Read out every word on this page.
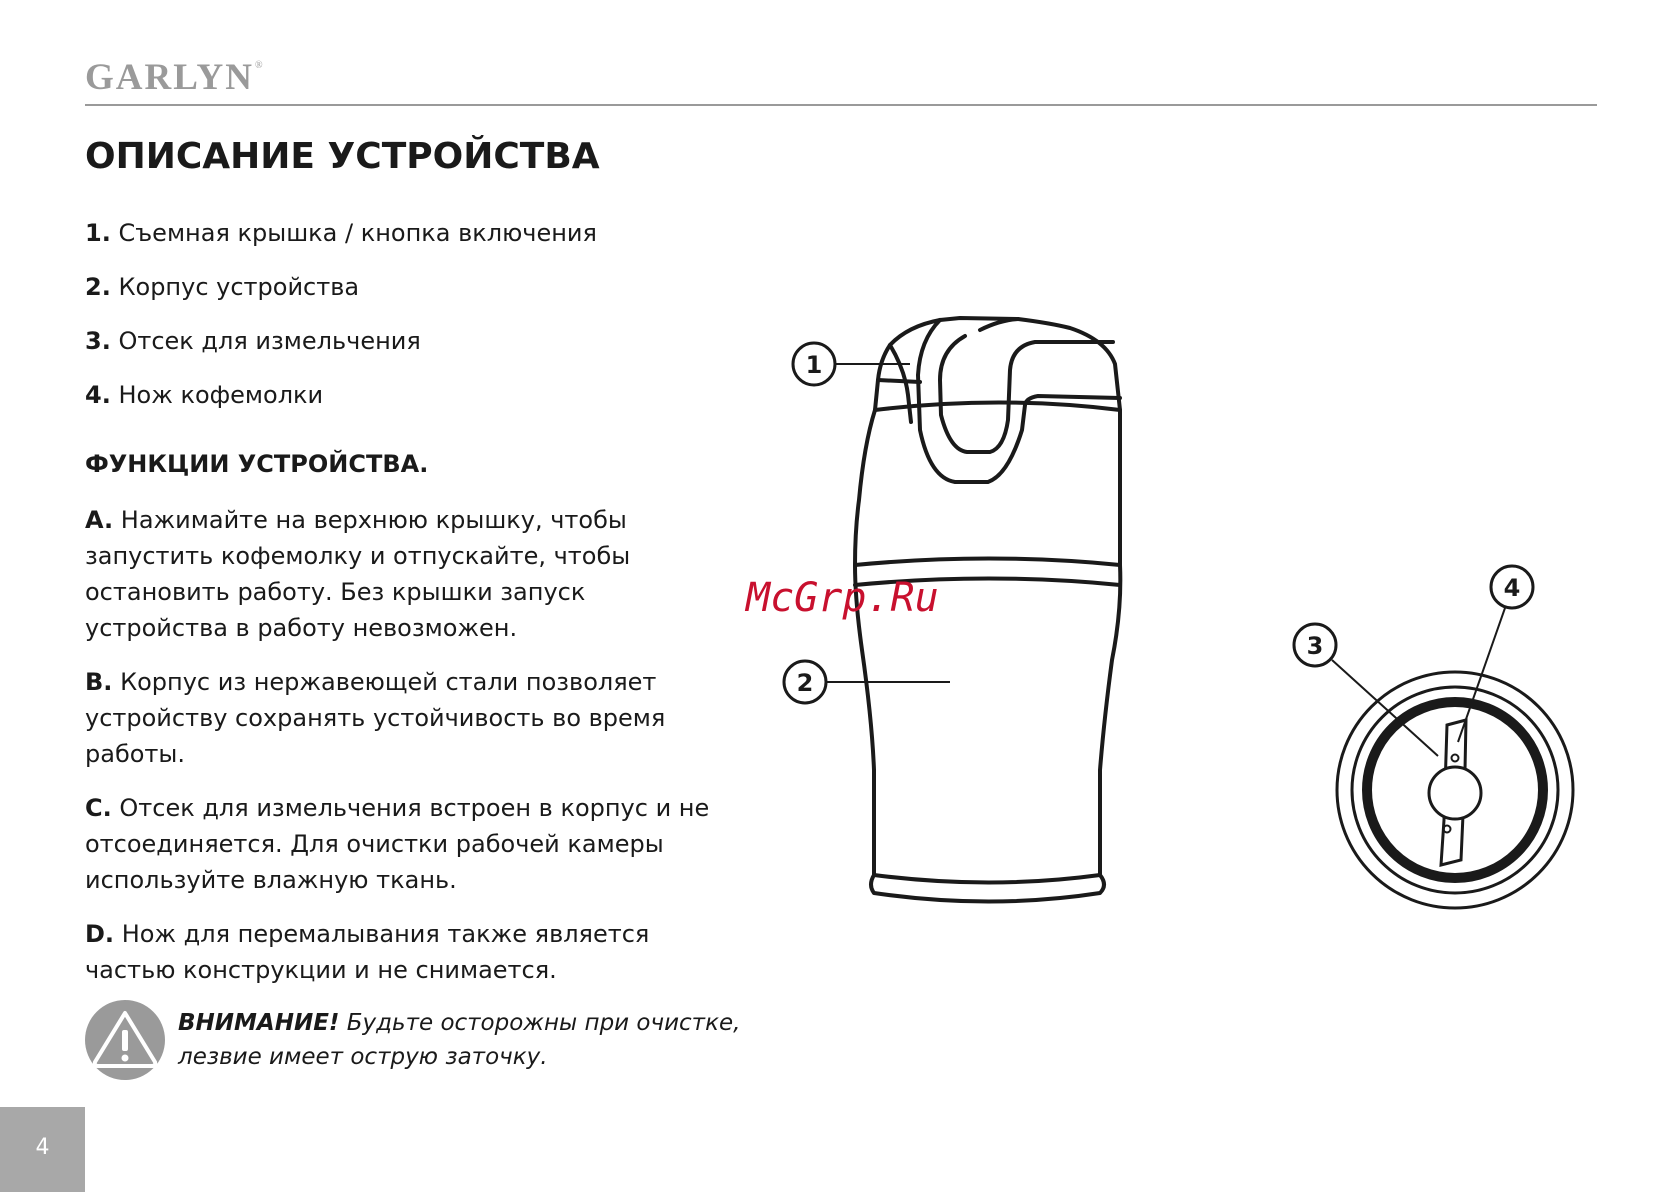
GARLYN®
ОПИСАНИЕ УСТРОЙСТВА
1. Съемная крышка / кнопка включения
2. Корпус устройства
3. Отсек для измельчения
4. Нож кофемолки
ФУНКЦИИ УСТРОЙСТВА.

A. Нажимайте на верхнюю крышку, чтобы запустить кофемолку и отпускайте, чтобы остановить работу. Без крышки запуск устройства в работу невозможен.

B. Корпус из нержавеющей стали позволяет устройству сохранять устойчивость во время работы.

C. Отсек для измельчения встроен в корпус и не отсоединяется. Для очистки рабочей камеры используйте влажную ткань.

D. Нож для перемалывания также является частью конструкции и не снимается.

ВНИМАНИЕ! Будьте осторожны при очистке, лезвие имеет острую заточку.

1
2
3
4
McGrp.Ru
4
